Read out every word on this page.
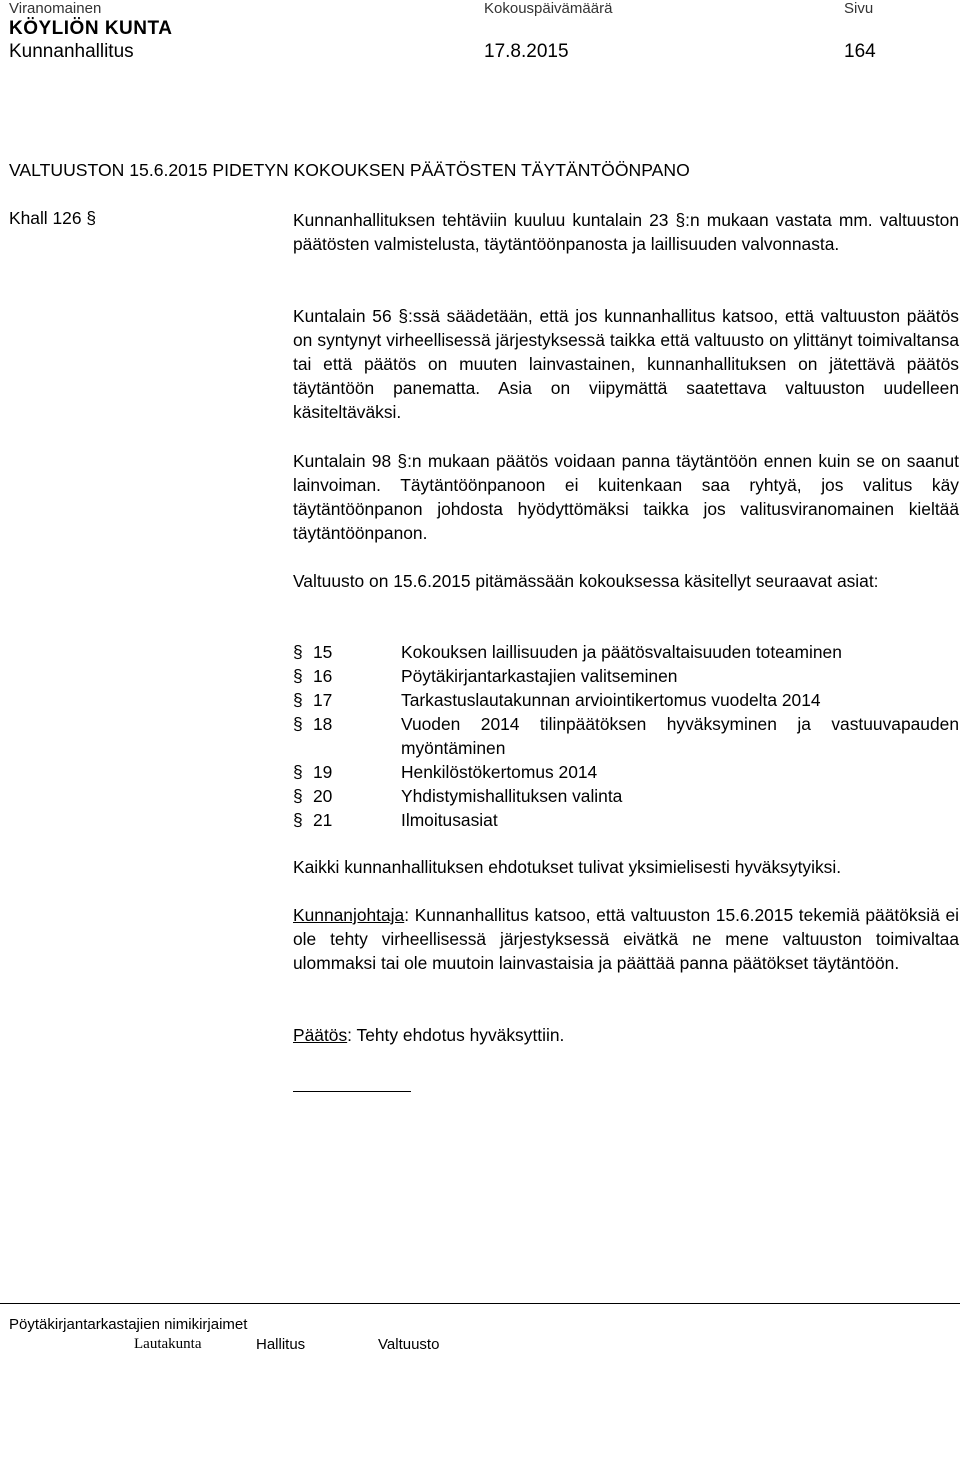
Viranomainen	Kokouspäivämäärä	Sivu
KÖYLIÖN KUNTA
Kunnanhallitus	17.8.2015	164
VALTUUSTON 15.6.2015 PIDETYN KOKOUKSEN PÄÄTÖSTEN TÄYTÄNTÖÖNPANO
Khall 126 §	Kunnanhallituksen tehtäviin kuuluu kuntalain 23 §:n mukaan vastata mm. valtuuston päätösten valmistelusta, täytäntöönpanosta ja laillisuuden valvonnasta.

Kuntalain 56 §:ssä säädetään, että jos kunnanhallitus katsoo, että valtuuston päätös on syntynyt virheellisessä järjestyksessä taikka että valtuusto on ylittänyt toimivaltansa tai että päätös on muuten lainvastainen, kunnanhallituksen on jätettävä päätös täytäntöön panematta. Asia on viipymättä saatettava valtuuston uudelleen käsiteltäväksi.

Kuntalain 98 §:n mukaan päätös voidaan panna täytäntöön ennen kuin se on saanut lainvoiman. Täytäntöönpanoon ei kuitenkaan saa ryhtyä, jos valitus käy täytäntöönpanon johdosta hyödyttömäksi taikka jos valitusviranomainen kieltää täytäntöönpanon.

Valtuusto on 15.6.2015 pitämässään kokouksessa käsitellyt seuraavat asiat:

§ 15	Kokouksen laillisuuden ja päätösvaltaisuuden toteaminen
§ 16	Pöytäkirjantarkastajien valitseminen
§ 17	Tarkastuslautakunnan arviointikertomus vuodelta 2014
§ 18	Vuoden 2014 tilinpäätöksen hyväksyminen ja vastuuvapauden myöntäminen
§ 19	Henkilöstökertomus 2014
§ 20	Yhdistymishallituksen valinta
§ 21	Ilmoitusasiat

Kaikki kunnanhallituksen ehdotukset tulivat yksimielisesti hyväksytyiksi.

Kunnanjohtaja: Kunnanhallitus katsoo, että valtuuston 15.6.2015 tekemiä päätöksiä ei ole tehty virheellisessä järjestyksessä eivätkä ne mene valtuuston toimivaltaa ulommaksi tai ole muutoin lainvastaisia ja päättää panna päätökset täytäntöön.

Päätös: Tehty ehdotus hyväksyttiin.

Pöytäkirjantarkastajien nimikirjaimet
Lautakunta	Hallitus	Valtuusto
